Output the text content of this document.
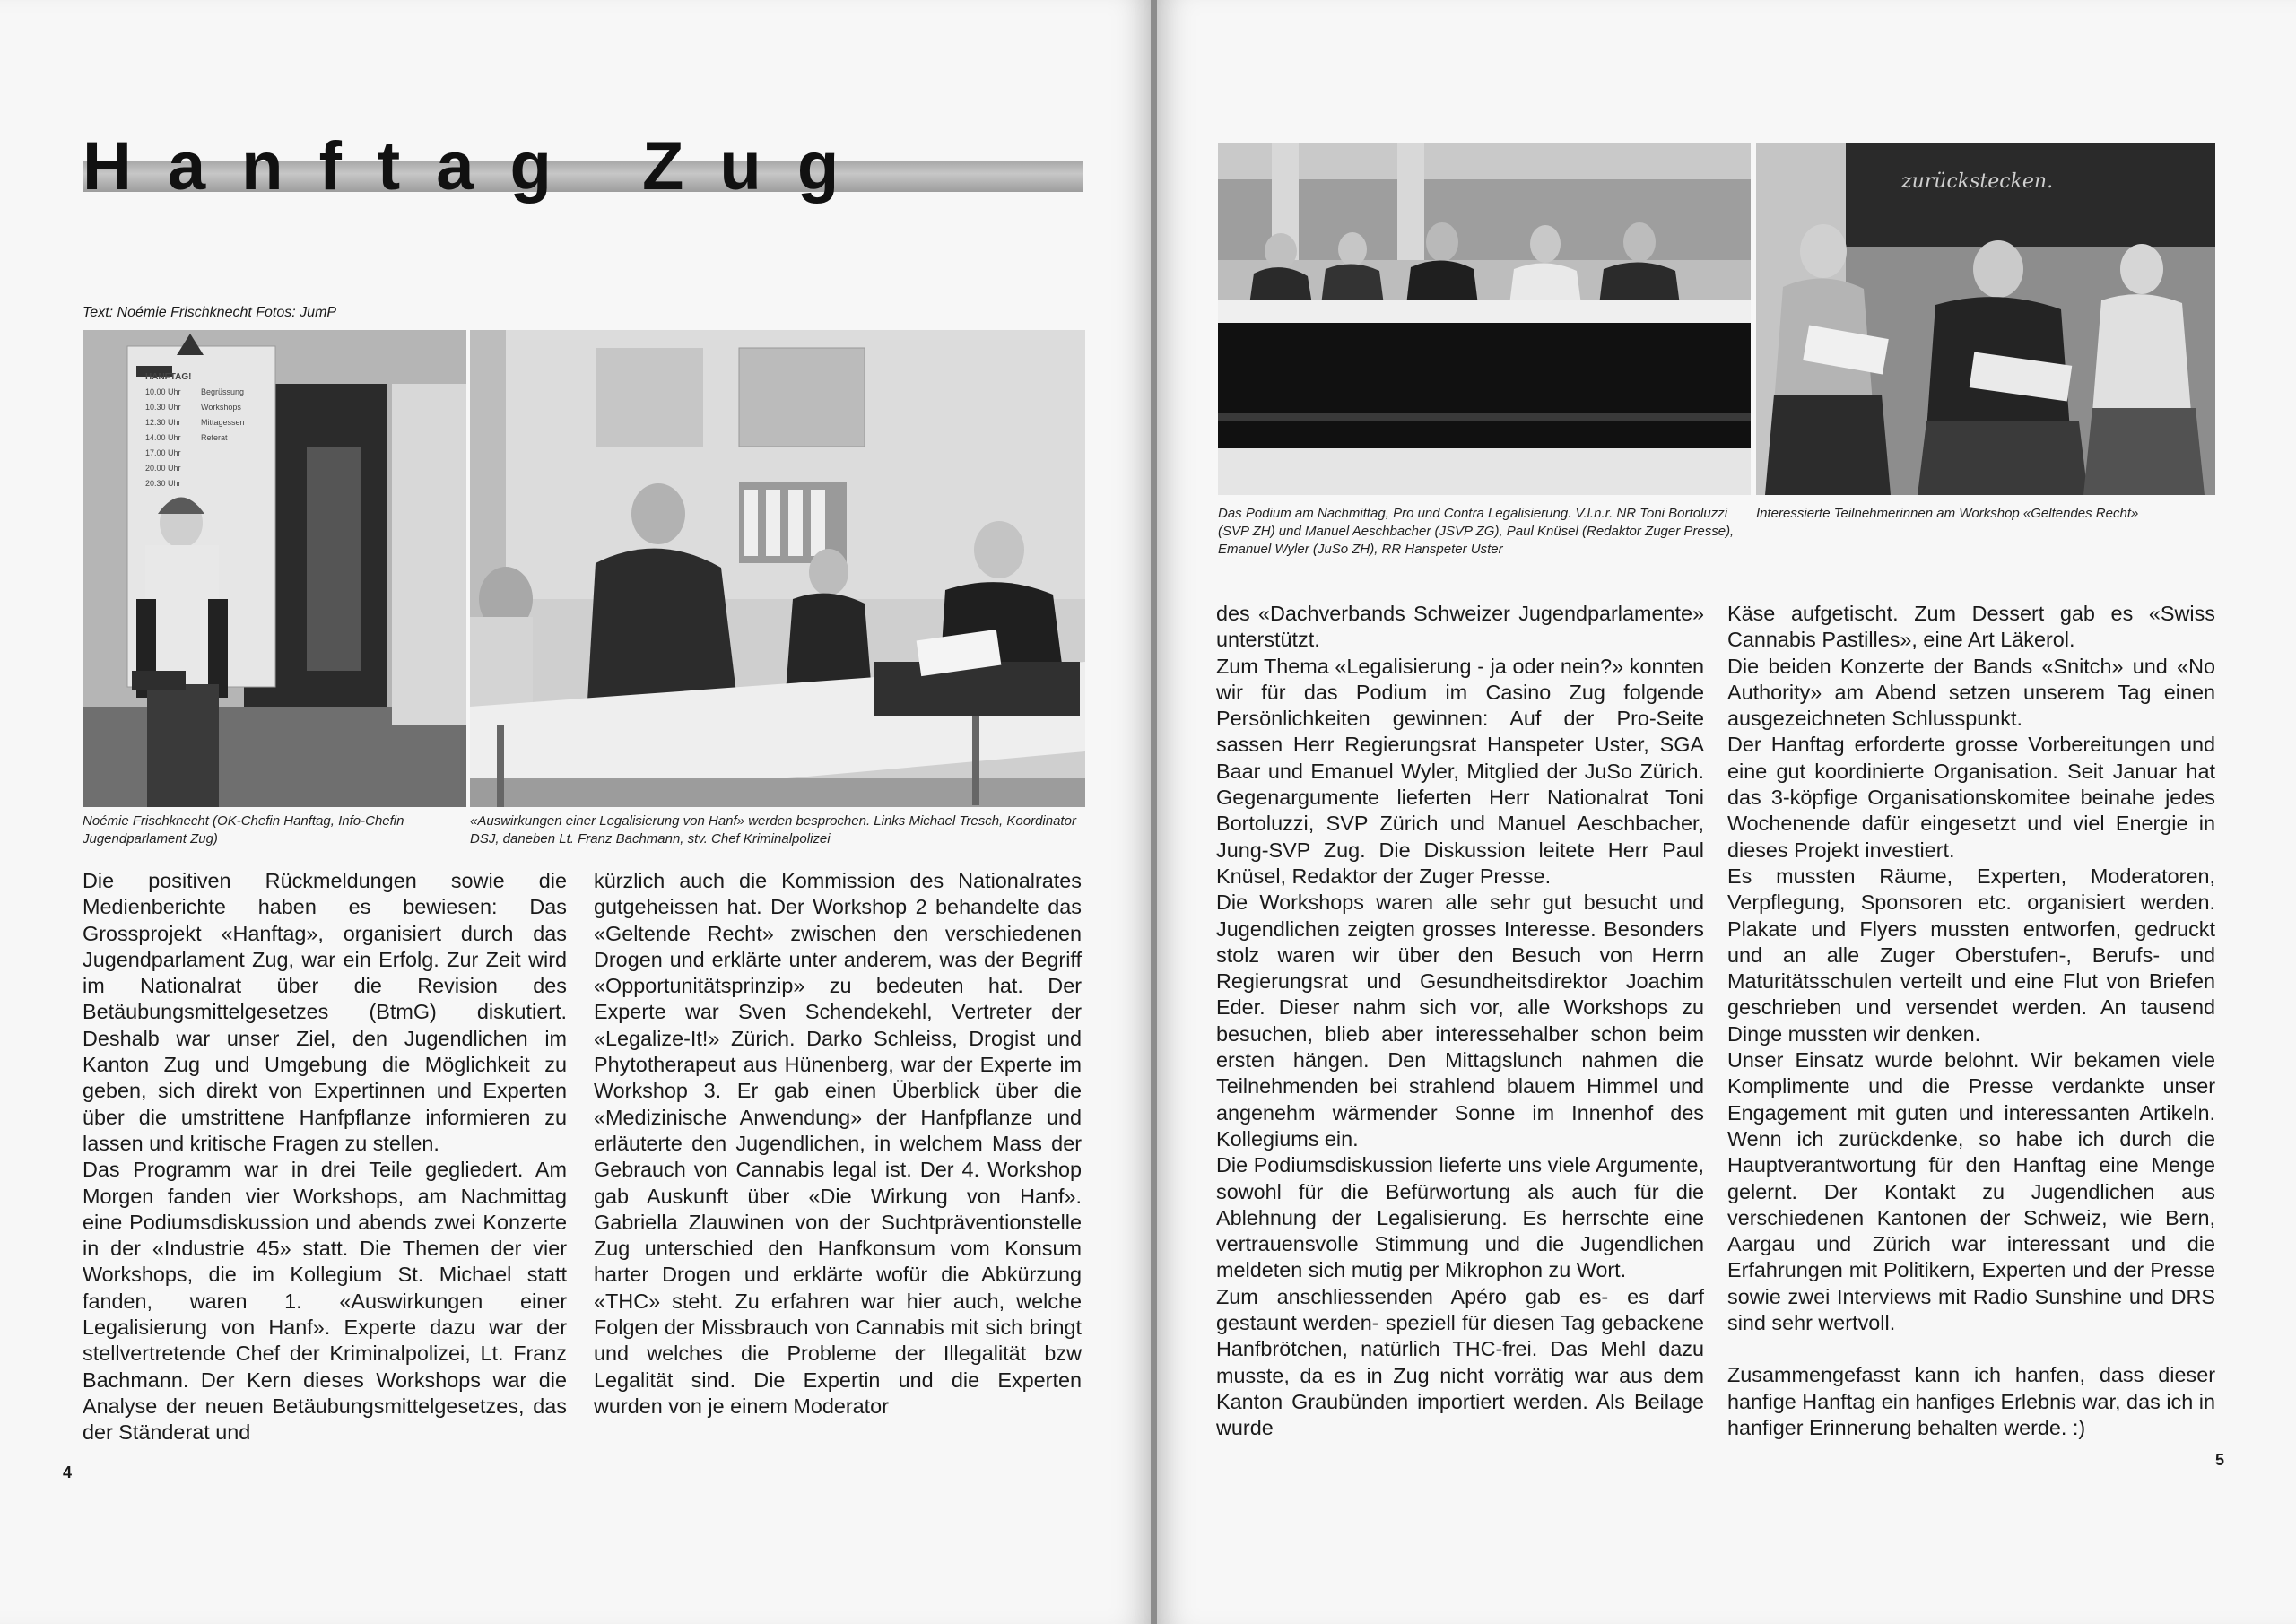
Hanftag Zug
Text: Noémie Frischknecht Fotos: JumP
HANFTAG!
10.00 Uhr	Begrüssung
10.30 Uhr	Workshops
12.30 Uhr	Mittagessen
14.00 Uhr	Referat
17.00 Uhr
20.00 Uhr
20.30 Uhr
Noémie Frischknecht (OK-Chefin Hanftag, Info-Chefin Jugendparlament Zug)
«Auswirkungen einer Legalisierung von Hanf» werden besprochen. Links Michael Tresch, Koordinator DSJ, daneben Lt. Franz Bachmann, stv. Chef Kriminalpolizei

Die positiven Rückmeldungen sowie die Medienberichte haben es bewiesen: Das Grossprojekt «Hanftag», organisiert durch das Jugendparlament Zug, war ein Erfolg. Zur Zeit wird im Nationalrat über die Revision des Betäubungsmittelgesetzes (BtmG) diskutiert. Deshalb war unser Ziel, den Jugendlichen im Kanton Zug und Umgebung die Möglichkeit zu geben, sich direkt von Expertinnen und Experten über die umstrittene Hanfpflanze informieren zu lassen und kritische Fragen zu stellen.

Das Programm war in drei Teile gegliedert. Am Morgen fanden vier Workshops, am Nachmittag eine Podiumsdiskussion und abends zwei Konzerte in der «Industrie 45» statt. Die Themen der vier Workshops, die im Kollegium St. Michael statt fanden, waren 1. «Auswirkungen einer Legalisierung von Hanf». Experte dazu war der stellvertretende Chef der Kriminalpolizei, Lt. Franz Bachmann. Der Kern dieses Workshops war die Analyse der neuen Betäubungsmittelgesetzes, das der Ständerat und

kürzlich auch die Kommission des Nationalrates gutgeheissen hat. Der Workshop 2 behandelte das «Geltende Recht» zwischen den verschiedenen Drogen und erklärte unter anderem, was der Begriff «Opportunitätsprinzip» zu bedeuten hat. Der Experte war Sven Schendekehl, Vertreter der «Legalize-It!» Zürich. Darko Schleiss, Drogist und Phytotherapeut aus Hünenberg, war der Experte im Workshop 3. Er gab einen Überblick über die «Medizinische Anwendung» der Hanfpflanze und erläuterte den Jugendlichen, in welchem Mass der Gebrauch von Cannabis legal ist. Der 4. Workshop gab Auskunft über «Die Wirkung von Hanf». Gabriella Zlauwinen von der Suchtpräventionstelle Zug unterschied den Hanfkonsum vom Konsum harter Drogen und erklärte wofür die Abkürzung «THC» steht. Zu erfahren war hier auch, welche Folgen der Missbrauch von Cannabis mit sich bringt und welches die Probleme der Illegalität bzw Legalität sind. Die Expertin und die Experten wurden von je einem Moderator

4
zurückstecken.
Das Podium am Nachmittag, Pro und Contra Legalisierung. V.l.n.r. NR Toni Bortoluzzi (SVP ZH) und Manuel Aeschbacher (JSVP ZG), Paul Knüsel (Redaktor Zuger Presse), Emanuel Wyler (JuSo ZH), RR Hanspeter Uster
Interessierte Teilnehmerinnen am Workshop «Geltendes Recht»

des «Dachverbands Schweizer Jugendparlamente» unterstützt.

Zum Thema «Legalisierung - ja oder nein?» konnten wir für das Podium im Casino Zug folgende Persönlichkeiten gewinnen: Auf der Pro-Seite sassen Herr Regierungsrat Hanspeter Uster, SGA Baar und Emanuel Wyler, Mitglied der JuSo Zürich. Gegenargumente lieferten Herr Nationalrat Toni Bortoluzzi, SVP Zürich und Manuel Aeschbacher, Jung-SVP Zug. Die Diskussion leitete Herr Paul Knüsel, Redaktor der Zuger Presse.

Die Workshops waren alle sehr gut besucht und Jugendlichen zeigten grosses Interesse. Besonders stolz waren wir über den Besuch von Herrn Regierungsrat und Gesundheitsdirektor Joachim Eder. Dieser nahm sich vor, alle Workshops zu besuchen, blieb aber interessehalber schon beim ersten hängen. Den Mittagslunch nahmen die Teilnehmenden bei strahlend blauem Himmel und angenehm wärmender Sonne im Innenhof des Kollegiums ein.

Die Podiumsdiskussion lieferte uns viele Argumente, sowohl für die Befürwortung als auch für die Ablehnung der Legalisierung. Es herrschte eine vertrauensvolle Stimmung und die Jugendlichen meldeten sich mutig per Mikrophon zu Wort.

Zum anschliessenden Apéro gab es- es darf gestaunt werden- speziell für diesen Tag gebackene Hanfbrötchen, natürlich THC-frei. Das Mehl dazu musste, da es in Zug nicht vorrätig war aus dem Kanton Graubünden importiert werden. Als Beilage wurde

Käse aufgetischt. Zum Dessert gab es «Swiss Cannabis Pastilles», eine Art Läkerol.

Die beiden Konzerte der Bands «Snitch» und «No Authority» am Abend setzen unserem Tag einen ausgezeichneten Schlusspunkt.

Der Hanftag erforderte grosse Vorbereitungen und eine gut koordinierte Organisation. Seit Januar hat das 3-köpfige Organisationskomitee beinahe jedes Wochenende dafür eingesetzt und viel Energie in dieses Projekt investiert.

Es mussten Räume, Experten, Moderatoren, Verpflegung, Sponsoren etc. organisiert werden. Plakate und Flyers mussten entworfen, gedruckt und an alle Zuger Oberstufen-, Berufs- und Maturitätsschulen verteilt und eine Flut von Briefen geschrieben und versendet werden. An tausend Dinge mussten wir denken.

Unser Einsatz wurde belohnt. Wir bekamen viele Komplimente und die Presse verdankte unser Engagement mit guten und interessanten Artikeln. Wenn ich zurückdenke, so habe ich durch die Hauptverantwortung für den Hanftag eine Menge gelernt. Der Kontakt zu Jugendlichen aus verschiedenen Kantonen der Schweiz, wie Bern, Aargau und Zürich war interessant und die Erfahrungen mit Politikern, Experten und der Presse sowie zwei Interviews mit Radio Sunshine und DRS sind sehr wertvoll.

Zusammengefasst kann ich hanfen, dass dieser hanfige Hanftag ein hanfiges Erlebnis war, das ich in hanfiger Erinnerung behalten werde. :)

5
